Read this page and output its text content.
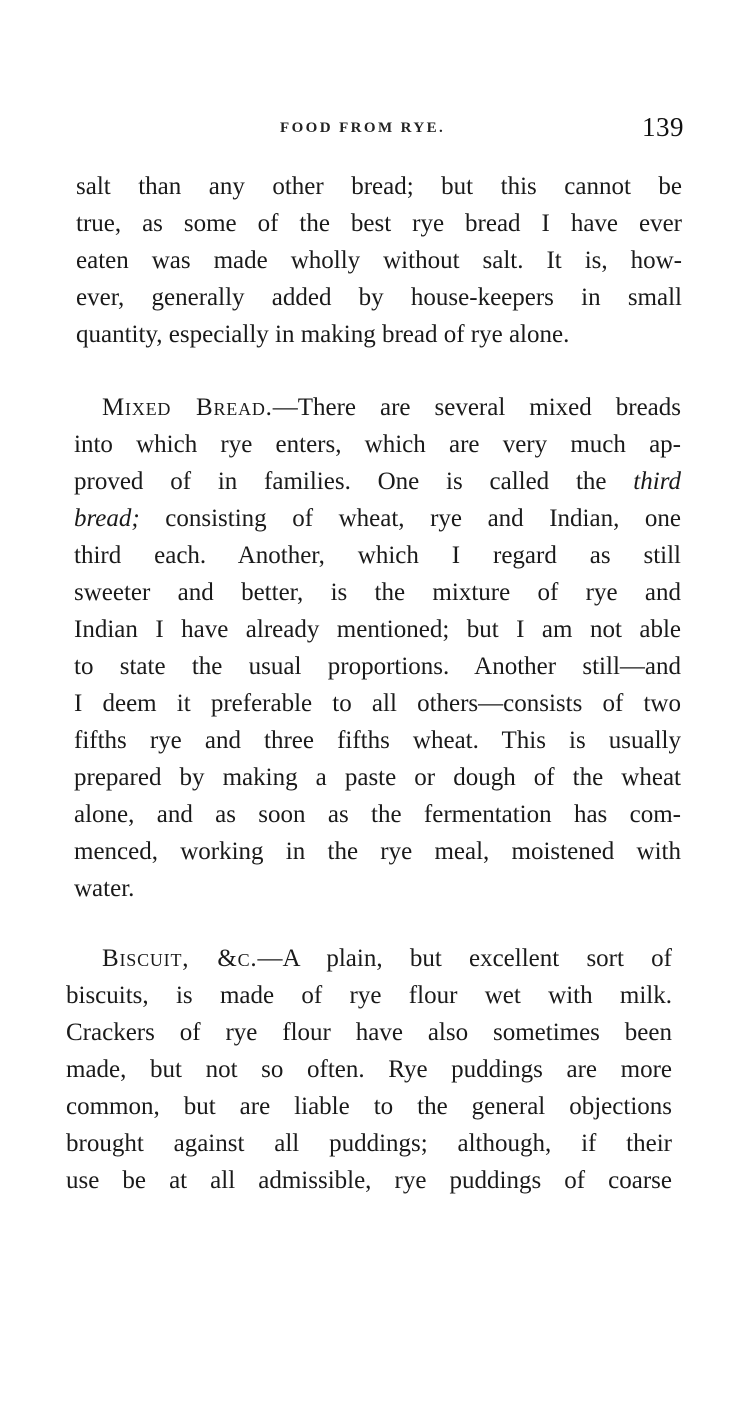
FOOD FROM RYE.	139
salt than any other bread; but this cannot be
true, as some of the best rye bread I have ever
eaten was made wholly without salt. It is, how-
ever, generally added by house-keepers in small
quantity, especially in making bread of rye alone.
Mixed Bread.—There are several mixed breads
into which rye enters, which are very much ap-
proved of in families. One is called the third
bread; consisting of wheat, rye and Indian, one
third each. Another, which I regard as still
sweeter and better, is the mixture of rye and
Indian I have already mentioned; but I am not able
to state the usual proportions. Another still—and
I deem it preferable to all others—consists of two
fifths rye and three fifths wheat. This is usually
prepared by making a paste or dough of the wheat
alone, and as soon as the fermentation has com-
menced, working in the rye meal, moistened with
water.
Biscuit, &c.—A plain, but excellent sort of
biscuits, is made of rye flour wet with milk.
Crackers of rye flour have also sometimes been
made, but not so often. Rye puddings are more
common, but are liable to the general objections
brought against all puddings; although, if their
use be at all admissible, rye puddings of coarse
